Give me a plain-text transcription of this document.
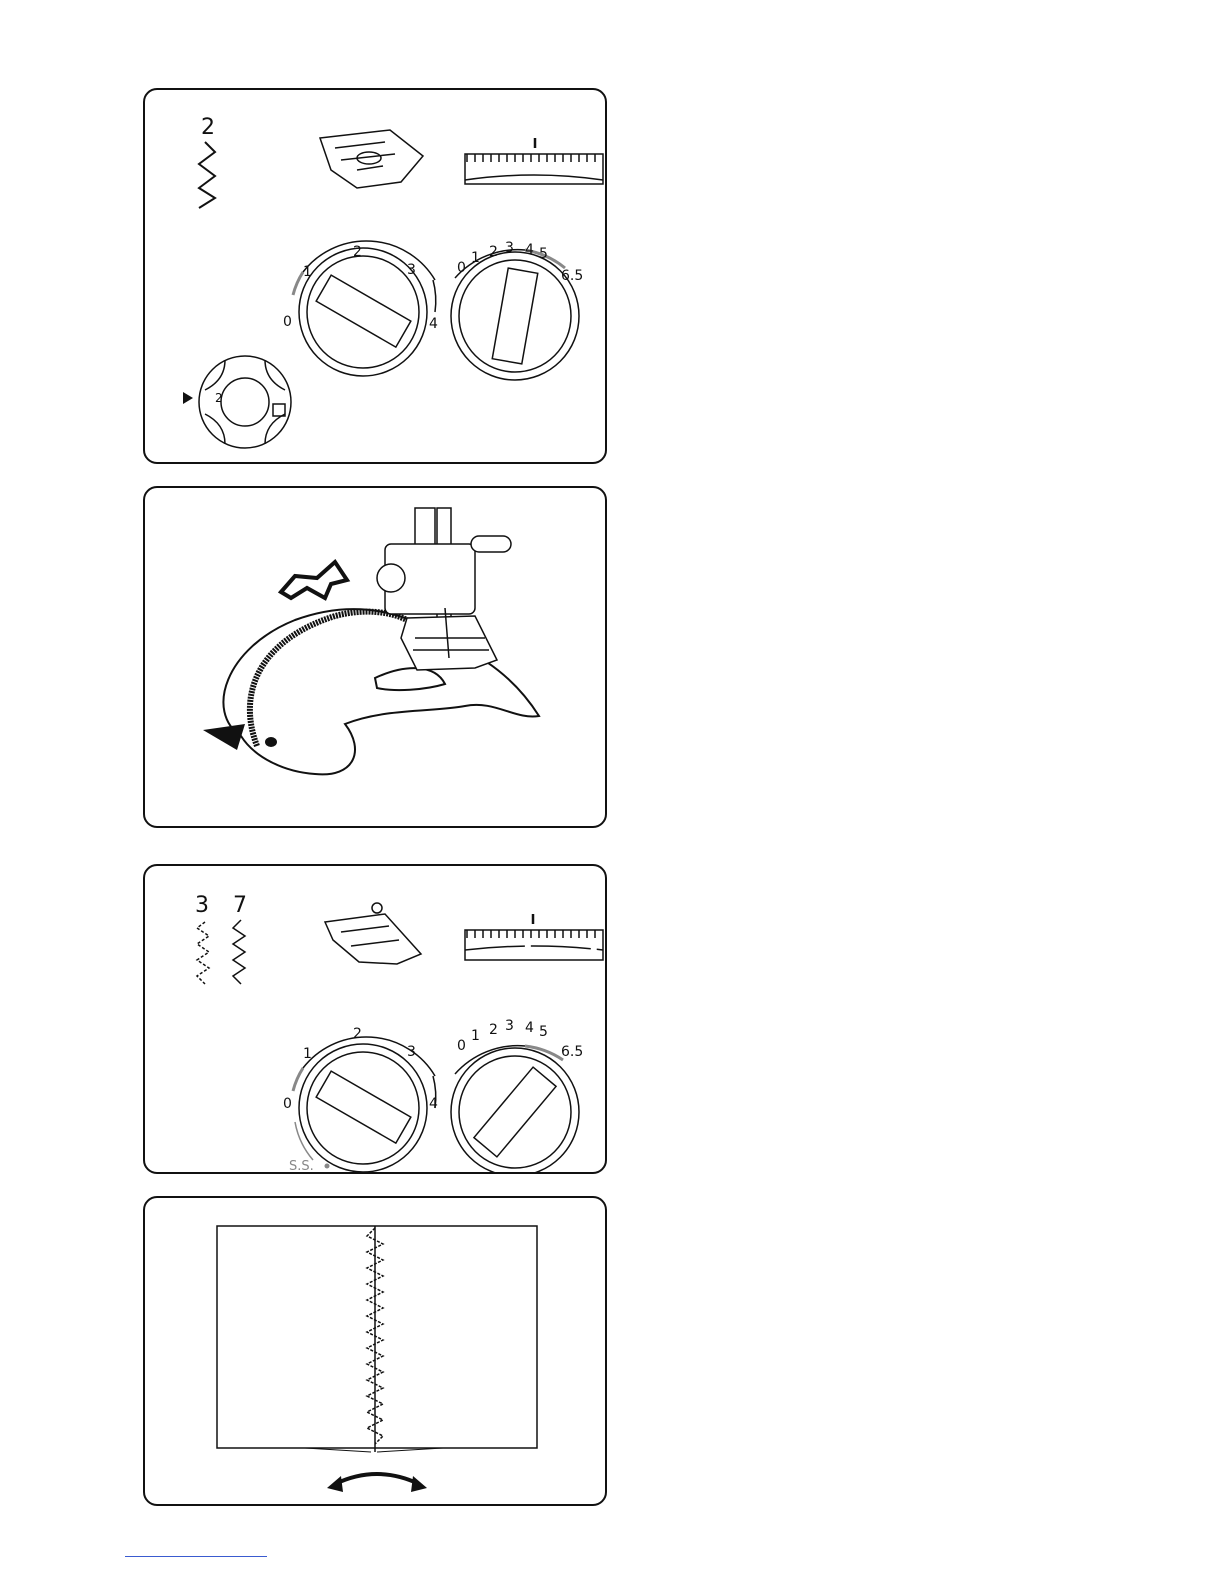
2
0
1
2
3
4
0
1 2 3 4 5
6.5
2
3 7
0
1
2
3
4
S.S.
0
1 2 3 4 5
6.5
